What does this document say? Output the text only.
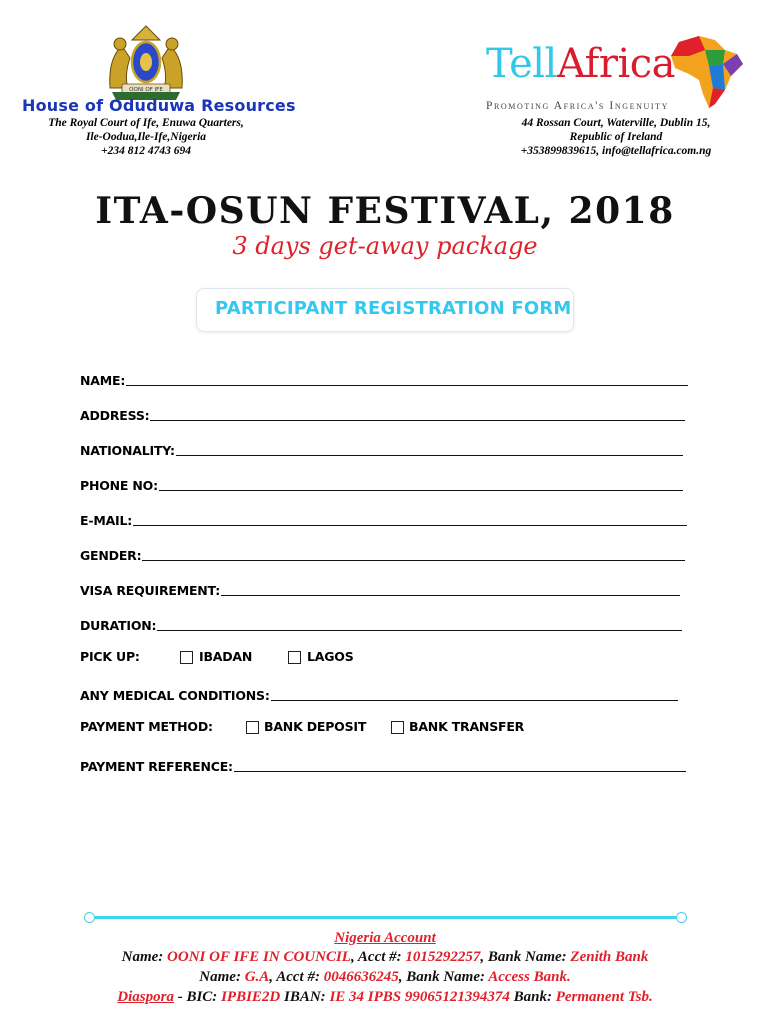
OONI OF IFE
House of Oduduwa Resources
The Royal Court of Ife, Enuwa Quarters,
Ile-Oodua,Ile-Ife,Nigeria
+234 812 4743 694
TellAfrica
Promoting Africa's Ingenuity
44 Rossan Court, Waterville, Dublin 15,
Republic of Ireland
+353899839615, info@tellafrica.com.ng
ITA-OSUN FESTIVAL, 2018
3 days get-away package
PARTICIPANT REGISTRATION FORM
NAME:
ADDRESS:
NATIONALITY:
PHONE NO:
E-MAIL:
GENDER:
VISA REQUIREMENT:
DURATION:
PICK UP:	IBADAN	LAGOS
ANY MEDICAL CONDITIONS:
PAYMENT METHOD:	BANK DEPOSIT	BANK TRANSFER
PAYMENT REFERENCE:
Nigeria Account
Name: OONI OF IFE IN COUNCIL, Acct #: 1015292257, Bank Name: Zenith Bank
Name: G.A, Acct #: 0046636245, Bank Name: Access Bank.
Diaspora - BIC: IPBIE2D IBAN: IE 34 IPBS 99065121394374 Bank: Permanent Tsb.
